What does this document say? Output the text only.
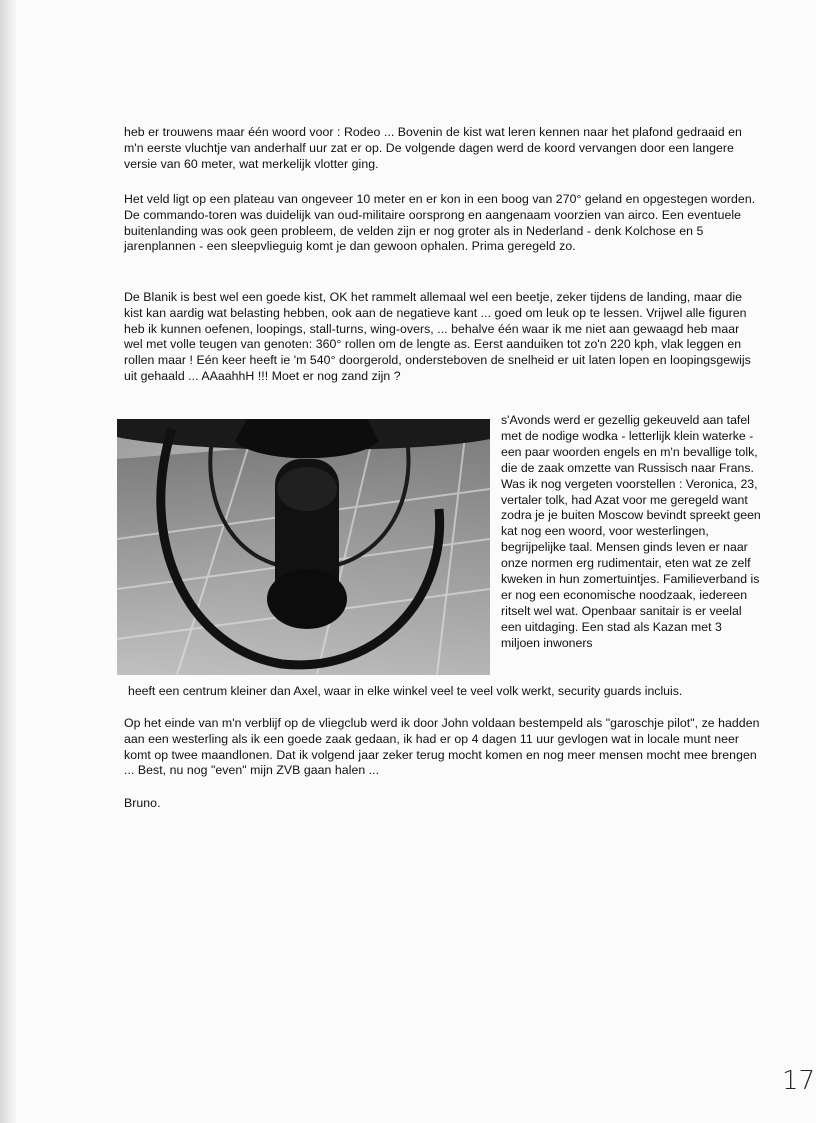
heb er trouwens maar één woord voor : Rodeo ... Bovenin de kist wat leren kennen naar het plafond gedraaid en m'n eerste vluchtje van anderhalf uur zat er op. De volgende dagen werd de koord vervangen door een langere versie van 60 meter, wat merkelijk vlotter ging.

Het veld ligt op een plateau van ongeveer 10 meter en er kon in een boog van 270° geland en opgestegen worden. De commando-toren was duidelijk van oud-militaire oorsprong en aangenaam voorzien van airco. Een eventuele buitenlanding was ook geen probleem, de velden zijn er nog groter als in Nederland - denk Kolchose en 5 jarenplannen - een sleepvlieguig komt je dan gewoon ophalen. Prima geregeld zo.

De Blanik is best wel een goede kist, OK het rammelt allemaal wel een beetje, zeker tijdens de landing, maar die kist kan aardig wat belasting hebben, ook aan de negatieve kant ... goed om leuk op te lessen. Vrijwel alle figuren heb ik kunnen oefenen, loopings, stall-turns, wing-overs, ... behalve één waar ik me niet aan gewaagd heb maar wel met volle teugen van genoten: 360° rollen om de lengte as. Eerst aanduiken tot zo'n 220 kph, vlak leggen en rollen maar ! Eén keer heeft ie 'm 540° doorgerold, ondersteboven de snelheid er uit laten lopen en loopingsgewijs uit gehaald ... AAaahhH !!! Moet er nog zand zijn ?

s'Avonds werd er gezellig gekeuveld aan tafel met de nodige wodka - letterlijk klein waterke - een paar woorden engels en m'n bevallige tolk, die de zaak omzette van Russisch naar Frans. Was ik nog vergeten voorstellen : Veronica, 23, vertaler tolk, had Azat voor me geregeld want zodra je je buiten Moscow bevindt spreekt geen kat nog een woord, voor westerlingen, begrijpelijke taal. Mensen ginds leven er naar onze normen erg rudimentair, eten wat ze zelf kweken in hun zomertuintjes. Familieverband is er nog een economische noodzaak, iedereen ritselt wel wat. Openbaar sanitair is er veelal een uitdaging. Een stad als Kazan met 3 miljoen inwoners

heeft een centrum kleiner dan Axel, waar in elke winkel veel te veel volk werkt, security guards incluis.

Op het einde van m'n verblijf op de vliegclub werd ik door John voldaan bestempeld als "garoschje pilot", ze hadden aan een westerling als ik een goede zaak gedaan, ik had er op 4 dagen 11 uur gevlogen wat in locale munt neer komt op twee maandlonen. Dat ik volgend jaar zeker terug mocht komen en nog meer mensen mocht mee brengen ... Best, nu nog "even" mijn ZVB gaan halen ...

Bruno.

17
